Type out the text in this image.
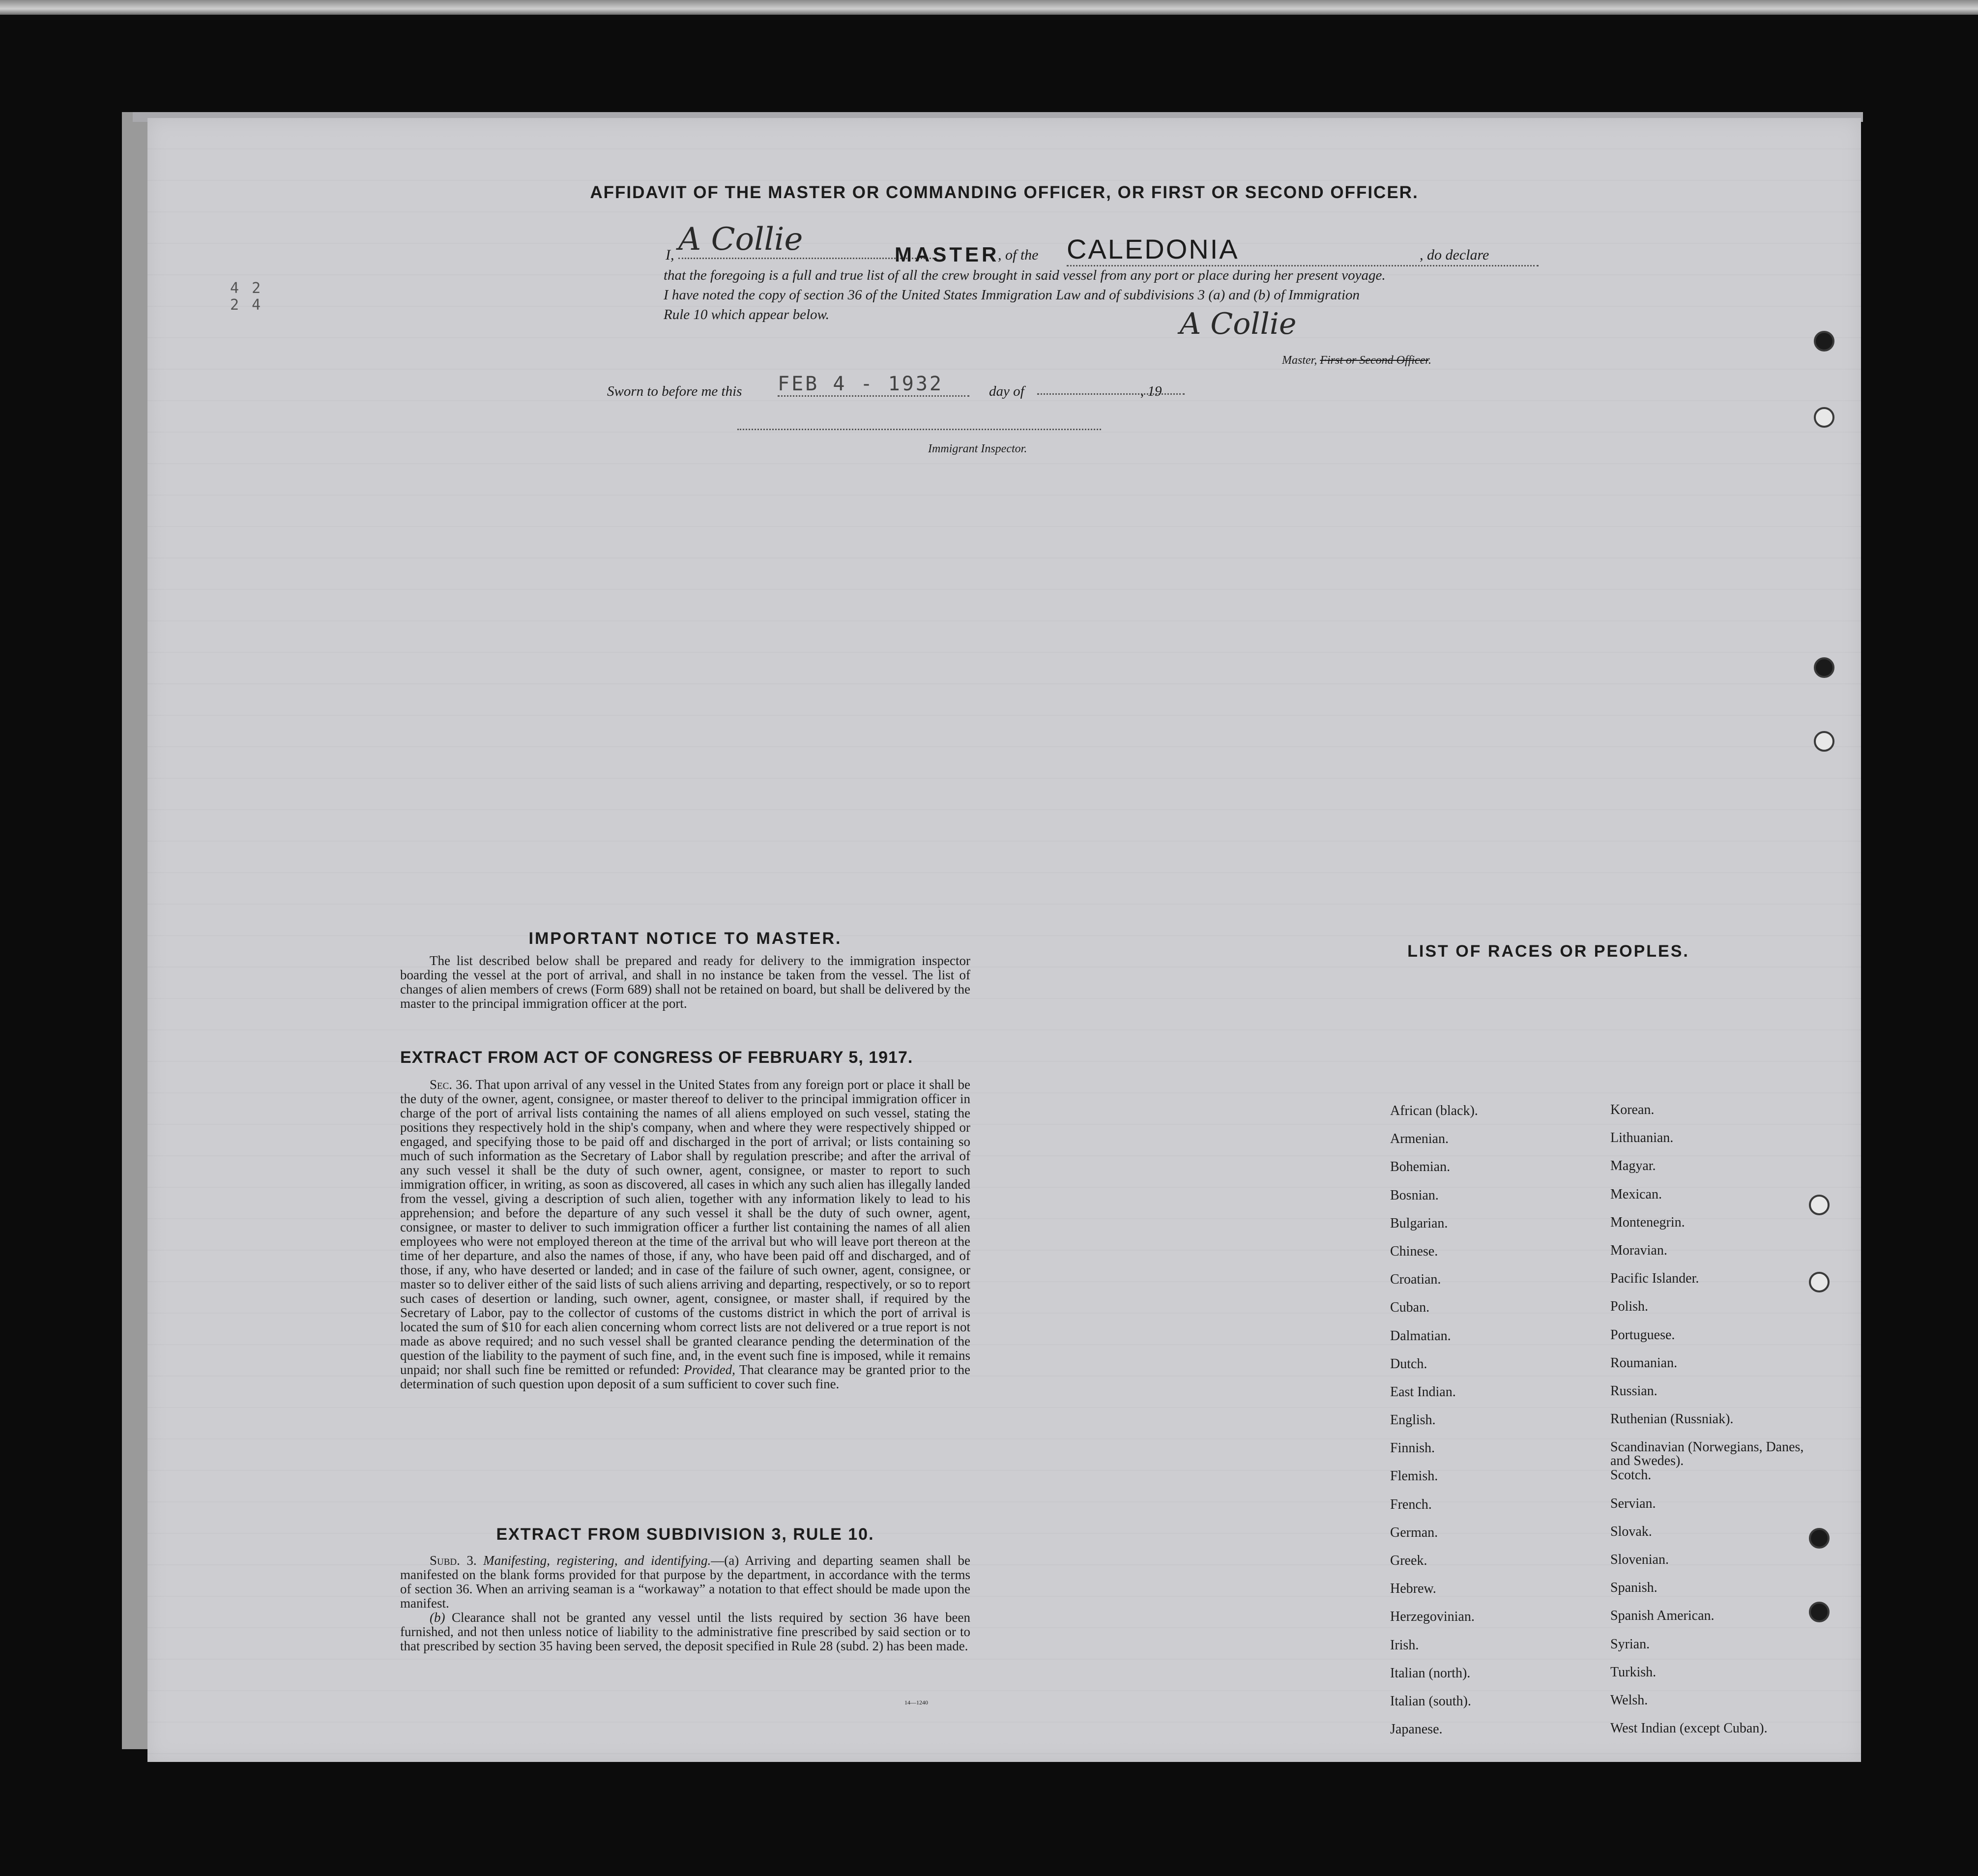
4 2
2 4
AFFIDAVIT OF THE MASTER OR COMMANDING OFFICER, OR FIRST OR SECOND OFFICER.
I, A Collie	MASTER
, of the CALEDONIA	, do declare
that the foregoing is a full and true list of all the crew brought in said vessel from any port or place during her present voyage.
I have noted the copy of section 36 of the United States Immigration Law and of subdivisions 3 (a) and (b) of Immigration
Rule 10 which appear below.	A Collie
Master, First or Second Officer.
Sworn to before me this FEB 4 - 1932	day of	, 19
Immigrant Inspector.
IMPORTANT NOTICE TO MASTER.

The list described below shall be prepared and ready for delivery to the immigration inspector boarding the vessel at the port of arrival, and shall in no instance be taken from the vessel. The list of changes of alien members of crews (Form 689) shall not be retained on board, but shall be delivered by the master to the principal immigration officer at the port.

EXTRACT FROM ACT OF CONGRESS OF FEBRUARY 5, 1917.

Sec. 36. That upon arrival of any vessel in the United States from any foreign port or place it shall be the duty of the owner, agent, consignee, or master thereof to deliver to the principal immigration officer in charge of the port of arrival lists containing the names of all aliens employed on such vessel, stating the positions they respectively hold in the ship's company, when and where they were respectively shipped or engaged, and specifying those to be paid off and discharged in the port of arrival; or lists containing so much of such information as the Secretary of Labor shall by regulation prescribe; and after the arrival of any such vessel it shall be the duty of such owner, agent, consignee, or master to report to such immigration officer, in writing, as soon as discovered, all cases in which any such alien has illegally landed from the vessel, giving a description of such alien, together with any information likely to lead to his apprehension; and before the departure of any such vessel it shall be the duty of such owner, agent, consignee, or master to deliver to such immigration officer a further list containing the names of all alien employees who were not employed thereon at the time of the arrival but who will leave port thereon at the time of her departure, and also the names of those, if any, who have been paid off and discharged, and of those, if any, who have deserted or landed; and in case of the failure of such owner, agent, consignee, or master so to deliver either of the said lists of such aliens arriving and departing, respectively, or so to report such cases of desertion or landing, such owner, agent, consignee, or master shall, if required by the Secretary of Labor, pay to the collector of customs of the customs district in which the port of arrival is located the sum of $10 for each alien concerning whom correct lists are not delivered or a true report is not made as above required; and no such vessel shall be granted clearance pending the determination of the question of the liability to the payment of such fine, and, in the event such fine is imposed, while it remains unpaid; nor shall such fine be remitted or refunded: Provided, That clearance may be granted prior to the determination of such question upon deposit of a sum sufficient to cover such fine.

EXTRACT FROM SUBDIVISION 3, RULE 10.

Subd. 3. Manifesting, registering, and identifying.—(a) Arriving and departing seamen shall be manifested on the blank forms provided for that purpose by the department, in accordance with the terms of section 36. When an arriving seaman is a “workaway” a notation to that effect should be made upon the manifest.

(b) Clearance shall not be granted any vessel until the lists required by section 36 have been furnished, and not then unless notice of liability to the administrative fine prescribed by said section or to that prescribed by section 35 having been served, the deposit specified in Rule 28 (subd. 2) has been made.

14—1240
LIST OF RACES OR PEOPLES.
African (black).	Korean.
Armenian.	Lithuanian.
Bohemian.	Magyar.
Bosnian.	Mexican.
Bulgarian.	Montenegrin.
Chinese.	Moravian.
Croatian.	Pacific Islander.
Cuban.	Polish.
Dalmatian.	Portuguese.
Dutch.	Roumanian.
East Indian.	Russian.
English.	Ruthenian (Russniak).
Finnish.	Scandinavian (Norwegians, Danes, and Swedes).
Flemish.	Scotch.
French.	Servian.
German.	Slovak.
Greek.	Slovenian.
Hebrew.	Spanish.
Herzegovinian.	Spanish American.
Irish.	Syrian.
Italian (north).	Turkish.
Italian (south).	Welsh.
Japanese.	West Indian (except Cuban).
